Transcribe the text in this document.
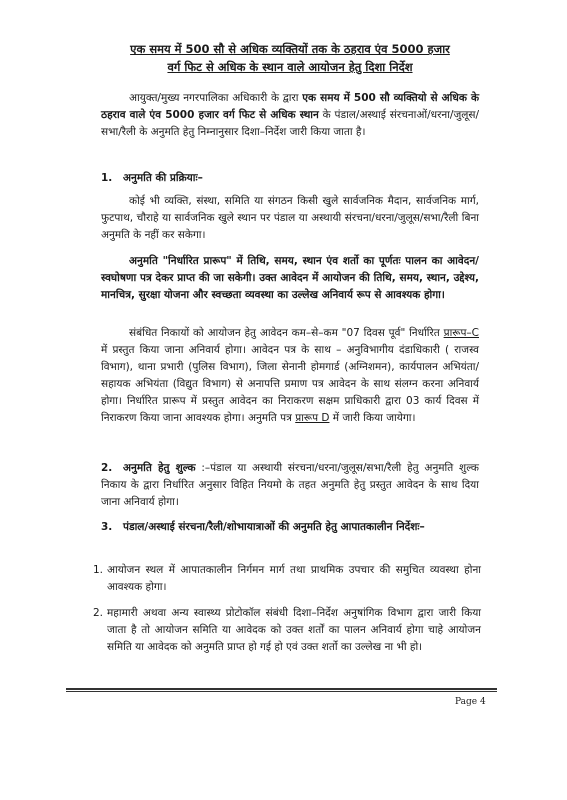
एक समय में 500 सौ से अधिक व्यक्तियों तक के ठहराव एंव 5000 हजार
वर्ग फिट से अधिक के स्थान वाले आयोजन हेतु दिशा निर्देश
आयुक्त/मुख्य नगरपालिका अधिकारी के द्वारा एक समय में 500 सौ व्यक्तियो से अधिक के ठहराव वाले एंव 5000 हजार वर्ग फिट से अधिक स्थान के पंडाल/अस्थाई संरचनाओं/धरना/जुलूस/सभा/रैली के अनुमति हेतु निम्नानुसार दिशा–निर्देश जारी किया जाता है।
1. अनुमति की प्रक्रियाः–
कोई भी व्यक्ति, संस्था, समिति या संगठन किसी खुले सार्वजनिक मैदान, सार्वजनिक मार्ग, फुटपाथ, चौराहे या सार्वजनिक खुले स्थान पर पंडाल या अस्थायी संरचना/धरना/जुलूस/सभा/रैली बिना अनुमति के नहीं कर सकेगा।
अनुमति "निर्धारित प्रारूप" में तिथि, समय, स्थान एंव शर्तो का पूर्णतः पालन का आवेदन/स्वघोषणा पत्र देकर प्राप्त की जा सकेगी। उक्त आवेदन में आयोजन की तिथि, समय, स्थान, उद्देश्य, मानचित्र, सुरक्षा योजना और स्वच्छता व्यवस्था का उल्लेख अनिवार्य रूप से आवश्यक होगा।
संबंधित निकायों को आयोजन हेतु आवेदन कम–से–कम "07 दिवस पूर्व" निर्धारित प्रारूप–C में प्रस्तुत किया जाना अनिवार्य होगा। आवेदन पत्र के साथ – अनुविभागीय दंडाधिकारी ( राजस्व विभाग), थाना प्रभारी (पुलिस विभाग), जिला सेनानी होमगार्ड (अग्निशमन), कार्यपालन अभियंता/सहायक अभियंता (विद्युत विभाग) से अनापत्ति प्रमाण पत्र आवेदन के साथ संलग्न करना अनिवार्य होगा। निर्धारित प्रारूप में प्रस्तुत आवेदन का निराकरण सक्षम प्राधिकारी द्वारा 03 कार्य दिवस में निराकरण किया जाना आवश्यक होगा। अनुमति पत्र प्रारूप D में जारी किया जायेगा।
2. अनुमति हेतु शुल्क :–पंडाल या अस्थायी संरचना/धरना/जुलूस/सभा/रैली हेतु अनुमति शुल्क निकाय के द्वारा निर्धारित अनुसार विहित नियमो के तहत अनुमति हेतु प्रस्तुत आवेदन के साथ दिया जाना अनिवार्य होगा।
3. पंडाल/अस्थाई संरचना/रैली/शोभायात्राओं की अनुमति हेतु आपातकालीन निर्देशः–
1. आयोजन स्थल में आपातकालीन निर्गमन मार्ग तथा प्राथमिक उपचार की समुचित व्यवस्था होना आवश्यक होगा।
2. महामारी अथवा अन्य स्वास्थ्य प्रोटोकॉल संबंधी दिशा–निर्देश अनुषांगिक विभाग द्वारा जारी किया जाता है तो आयोजन समिति या आवेदक को उक्त शर्तों का पालन अनिवार्य होगा चाहे आयोजन समिति या आवेदक को अनुमति प्राप्त हो गई हो एवं उक्त शर्तो का उल्लेख ना भी हो।
Page 4
